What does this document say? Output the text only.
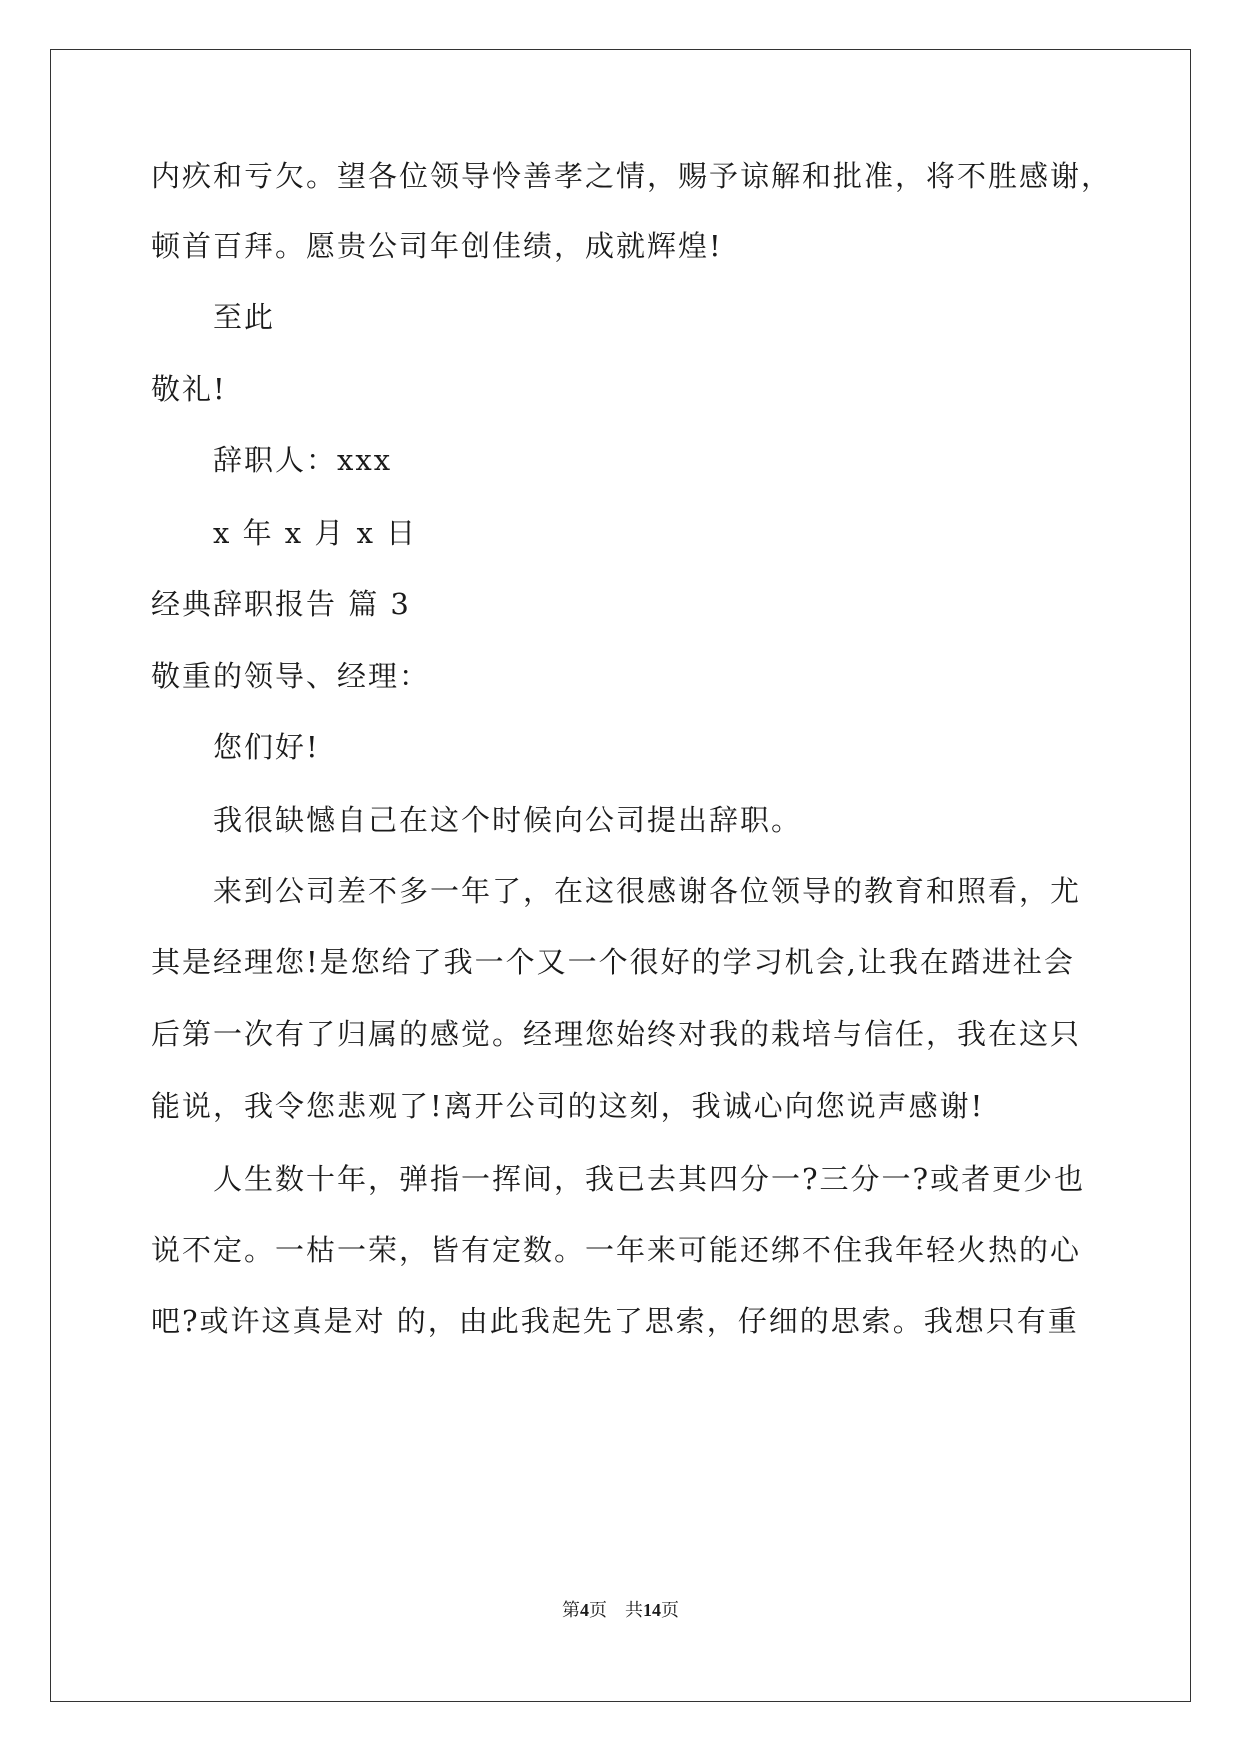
内疚和亏欠。望各位领导怜善孝之情，赐予谅解和批准，将不胜感谢，
顿首百拜。愿贵公司年创佳绩，成就辉煌!
至此
敬礼!
辞职人：xxx
x 年 x 月 x 日
经典辞职报告 篇 3
敬重的领导、经理：
您们好!
我很缺憾自己在这个时候向公司提出辞职。
来到公司差不多一年了，在这很感谢各位领导的教育和照看，尤
其是经理您!是您给了我一个又一个很好的学习机会,让我在踏进社会
后第一次有了归属的感觉。经理您始终对我的栽培与信任，我在这只
能说，我令您悲观了!离开公司的这刻，我诚心向您说声感谢!
人生数十年，弹指一挥间，我已去其四分一?三分一?或者更少也
说不定。一枯一荣，皆有定数。一年来可能还绑不住我年轻火热的心
吧?或许这真是对 的，由此我起先了思索，仔细的思索。我想只有重
第4页    共14页
